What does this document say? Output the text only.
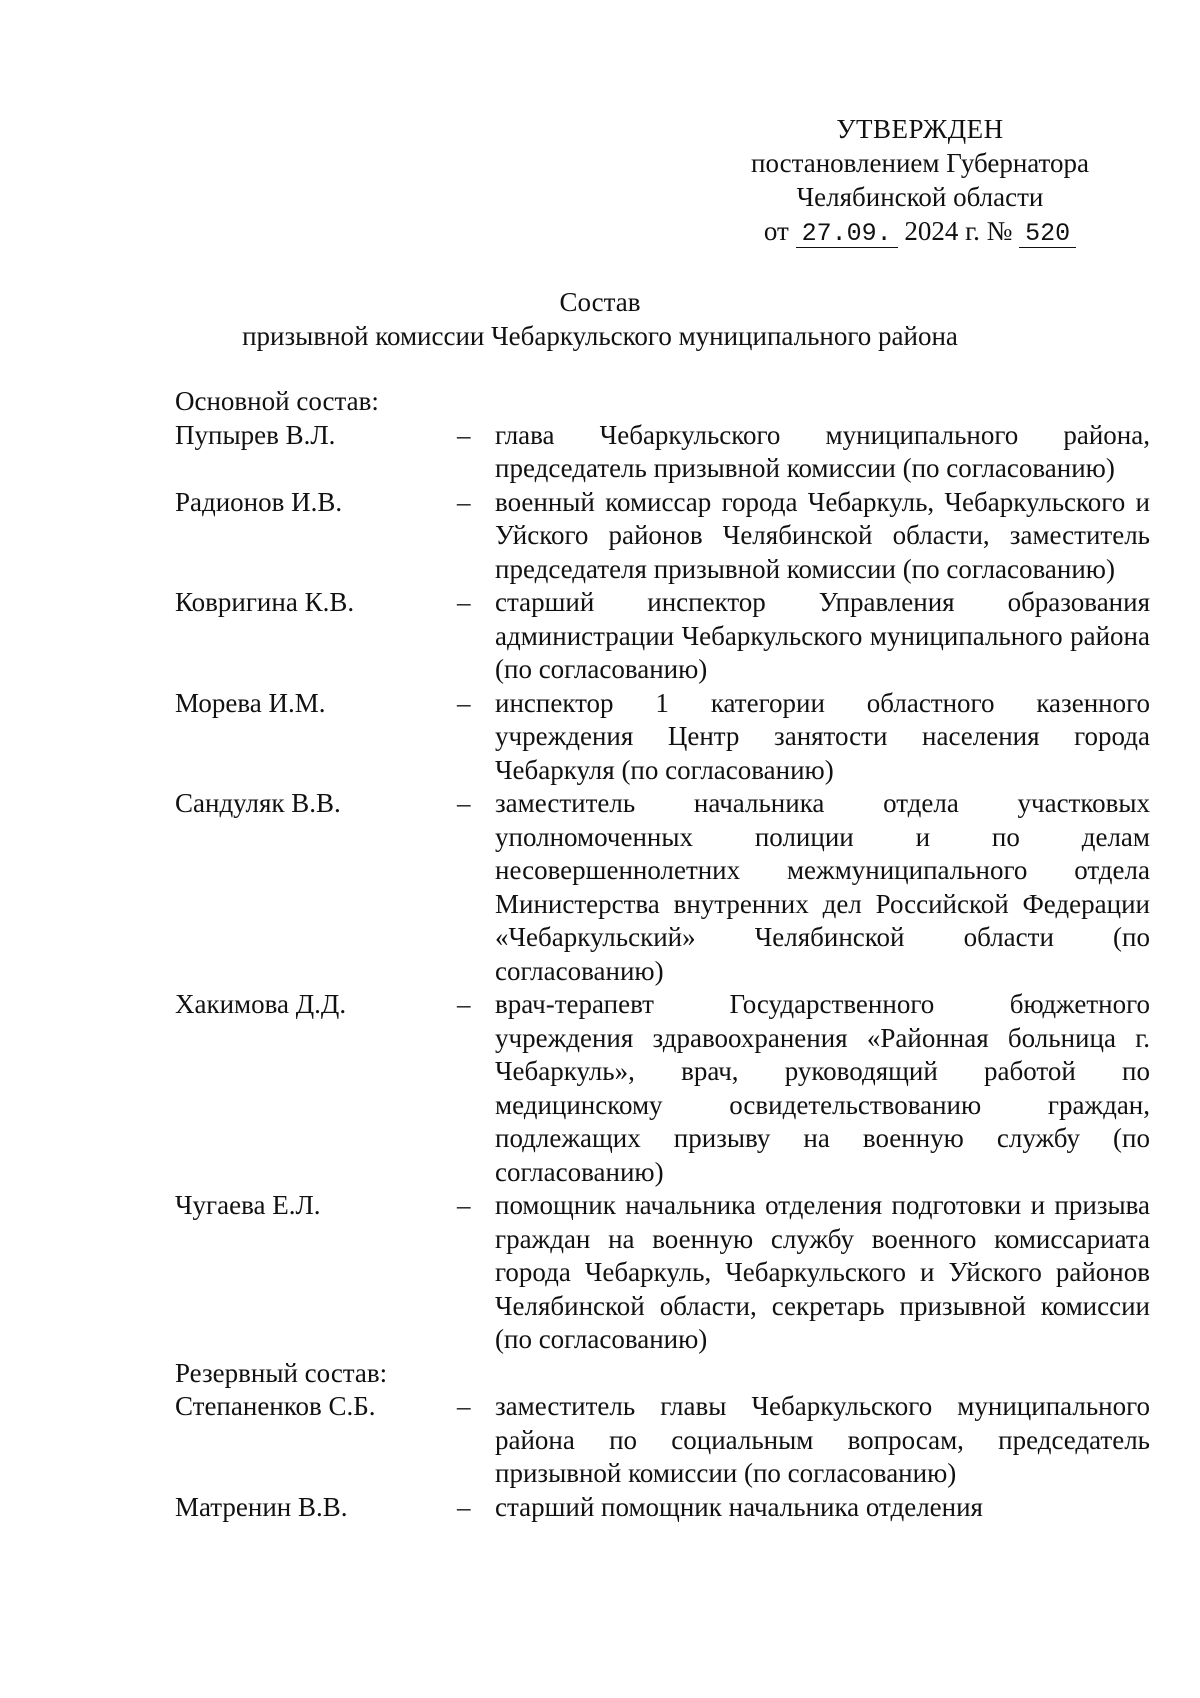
УТВЕРЖДЕН
постановлением Губернатора
Челябинской области
от 27.09. 2024 г. № 520
Состав
призывной комиссии Чебаркульского муниципального района
Основной состав:
Пупырев В.Л.	– глава Чебаркульского муниципального района, председатель призывной комиссии (по согласованию)
Радионов И.В.	– военный комиссар города Чебаркуль, Чебаркульского и Уйского районов Челябинской области, заместитель председателя призывной комиссии (по согласованию)
Ковригина К.В.	– старший инспектор Управления образования администрации Чебаркульского муниципального района (по согласованию)
Морева И.М.	– инспектор 1 категории областного казенного учреждения Центр занятости населения города Чебаркуля (по согласованию)
Сандуляк В.В.	– заместитель начальника отдела участковых уполномоченных полиции и по делам несовершеннолетних межмуниципального отдела Министерства внутренних дел Российской Федерации «Чебаркульский» Челябинской области (по согласованию)
Хакимова Д.Д.	– врач-терапевт Государственного бюджетного учреждения здравоохранения «Районная больница г. Чебаркуль», врач, руководящий работой по медицинскому освидетельствованию граждан, подлежащих призыву на военную службу (по согласованию)
Чугаева Е.Л.	– помощник начальника отделения подготовки и призыва граждан на военную службу военного комиссариата города Чебаркуль, Чебаркульского и Уйского районов Челябинской области, секретарь призывной комиссии (по согласованию)
Резервный состав:
Степаненков С.Б.	– заместитель главы Чебаркульского муниципального района по социальным вопросам, председатель призывной комиссии (по согласованию)
Матренин В.В.	– старший помощник начальника отделения
